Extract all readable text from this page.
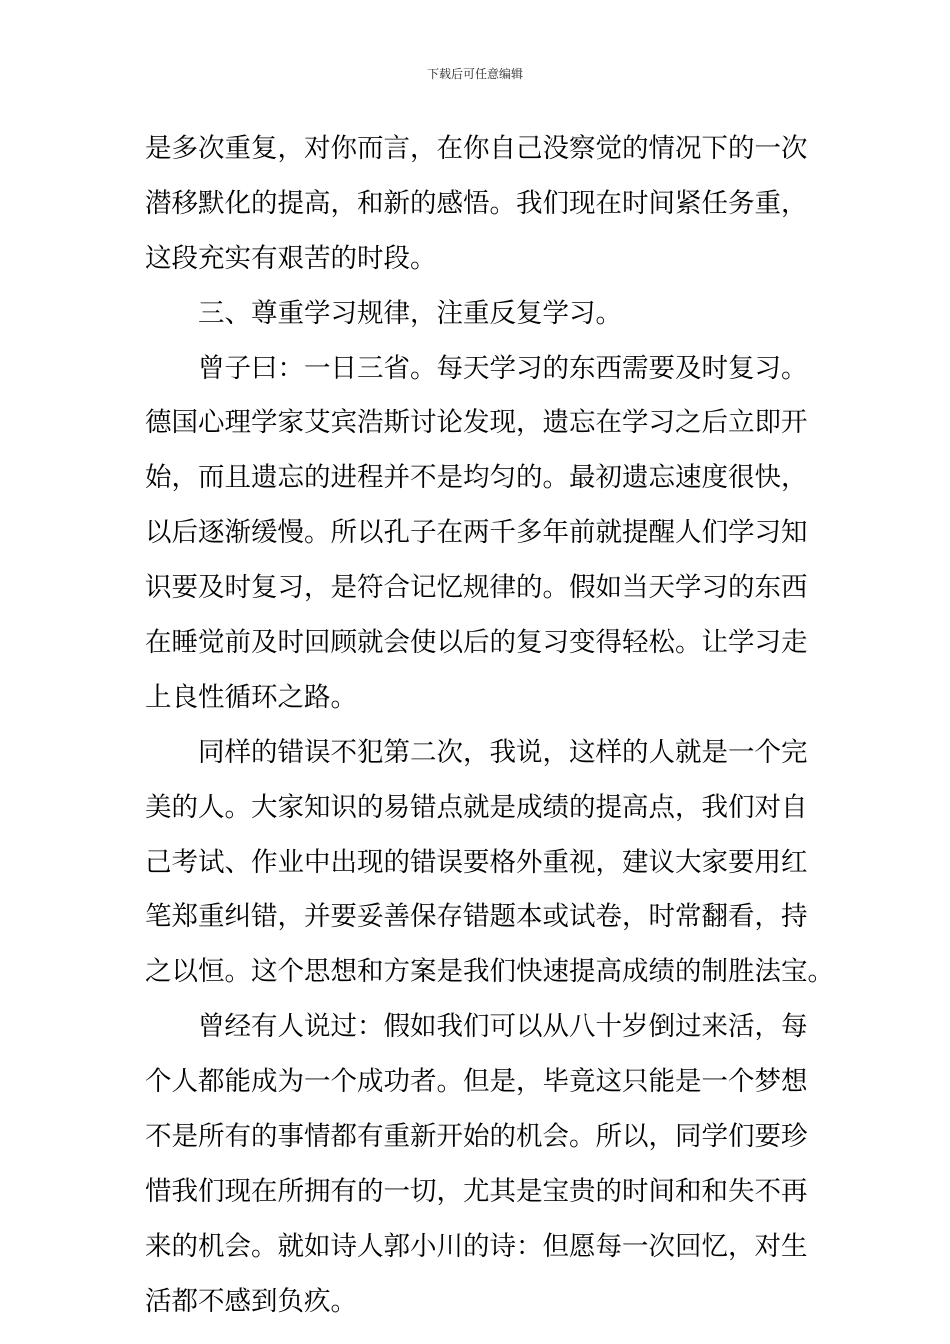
下载后可任意编辑
是多次重复，对你而言，在你自己没察觉的情况下的一次
潜移默化的提高，和新的感悟。我们现在时间紧任务重，
这段充实有艰苦的时段。
三、尊重学习规律，注重反复学习。
曾子曰：一日三省。每天学习的东西需要及时复习。
德国心理学家艾宾浩斯讨论发现，遗忘在学习之后立即开
始，而且遗忘的进程并不是均匀的。最初遗忘速度很快，
以后逐渐缓慢。所以孔子在两千多年前就提醒人们学习知
识要及时复习，是符合记忆规律的。假如当天学习的东西
在睡觉前及时回顾就会使以后的复习变得轻松。让学习走
上良性循环之路。
同样的错误不犯第二次，我说，这样的人就是一个完
美的人。大家知识的易错点就是成绩的提高点，我们对自
己考试、作业中出现的错误要格外重视，建议大家要用红
笔郑重纠错，并要妥善保存错题本或试卷，时常翻看，持
之以恒。这个思想和方案是我们快速提高成绩的制胜法宝。
曾经有人说过：假如我们可以从八十岁倒过来活，每
个人都能成为一个成功者。但是，毕竟这只能是一个梦想
不是所有的事情都有重新开始的机会。所以，同学们要珍
惜我们现在所拥有的一切，尤其是宝贵的时间和和失不再
来的机会。就如诗人郭小川的诗：但愿每一次回忆，对生
活都不感到负疚。
